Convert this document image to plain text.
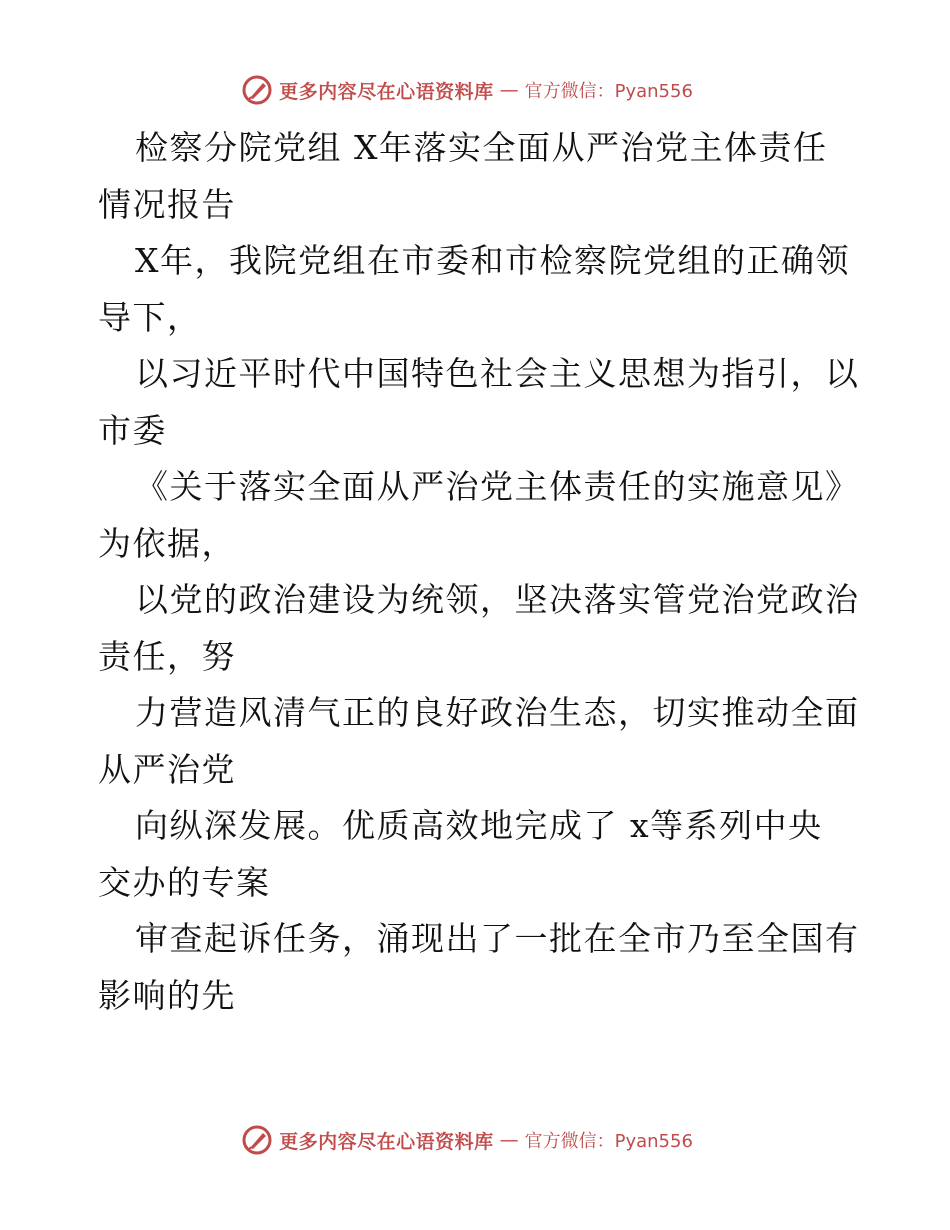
更多内容尽在心语资料库 — 官方微信：Pyan556
检察分院党组 X年落实全面从严治党主体责任
情况报告
X年，我院党组在市委和市检察院党组的正确领
导下，
以习近平时代中国特色社会主义思想为指引，以
市委
《关于落实全面从严治党主体责任的实施意见》
为依据，
以党的政治建设为统领，坚决落实管党治党政治
责任，努
力营造风清气正的良好政治生态，切实推动全面
从严治党
向纵深发展。优质高效地完成了 x等系列中央
交办的专案
审查起诉任务，涌现出了一批在全市乃至全国有
影响的先
更多内容尽在心语资料库 — 官方微信：Pyan556
